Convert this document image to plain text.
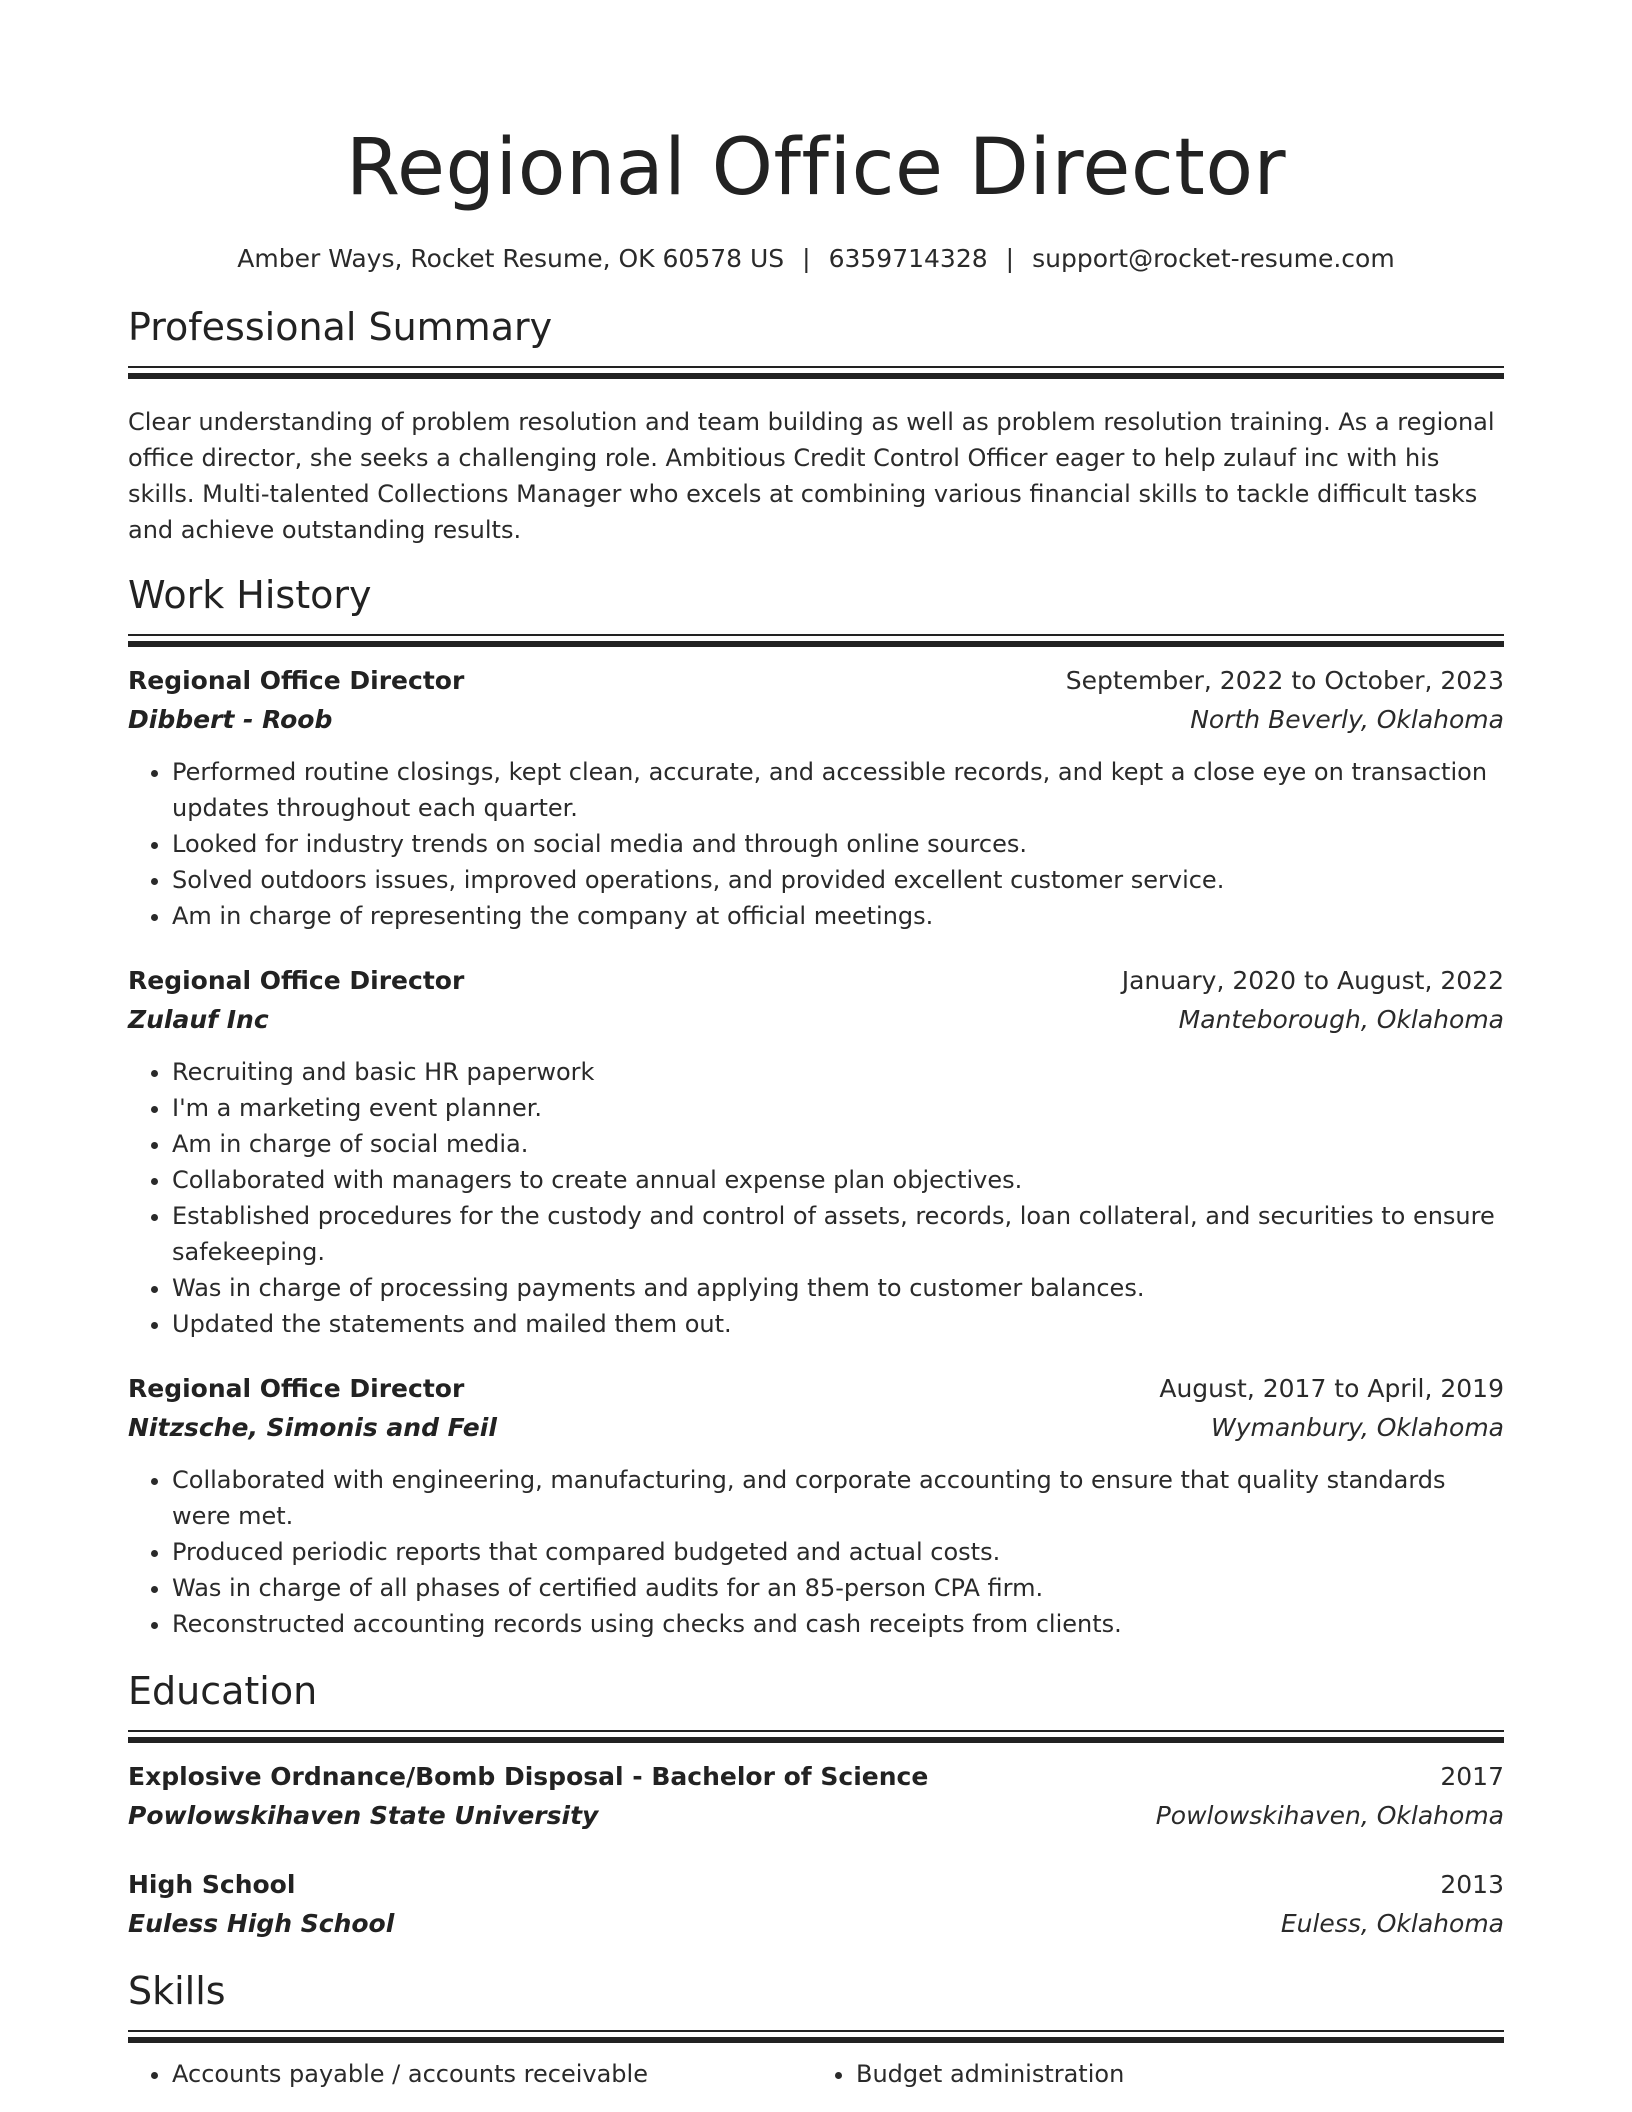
Regional Office Director
Amber Ways, Rocket Resume, OK 60578 US | 6359714328 | support@rocket-resume.com
Professional Summary
Clear understanding of problem resolution and team building as well as problem resolution training. As a regional office director, she seeks a challenging role. Ambitious Credit Control Officer eager to help zulauf inc with his skills. Multi-talented Collections Manager who excels at combining various financial skills to tackle difficult tasks and achieve outstanding results.
Work History
Regional Office Director	September, 2022 to October, 2023
Dibbert - Roob	North Beverly, Oklahoma
• Performed routine closings, kept clean, accurate, and accessible records, and kept a close eye on transaction updates throughout each quarter.
• Looked for industry trends on social media and through online sources.
• Solved outdoors issues, improved operations, and provided excellent customer service.
• Am in charge of representing the company at official meetings.
Regional Office Director	January, 2020 to August, 2022
Zulauf Inc	Manteborough, Oklahoma
• Recruiting and basic HR paperwork
• I'm a marketing event planner.
• Am in charge of social media.
• Collaborated with managers to create annual expense plan objectives.
• Established procedures for the custody and control of assets, records, loan collateral, and securities to ensure safekeeping.
• Was in charge of processing payments and applying them to customer balances.
• Updated the statements and mailed them out.
Regional Office Director	August, 2017 to April, 2019
Nitzsche, Simonis and Feil	Wymanbury, Oklahoma
• Collaborated with engineering, manufacturing, and corporate accounting to ensure that quality standards were met.
• Produced periodic reports that compared budgeted and actual costs.
• Was in charge of all phases of certified audits for an 85-person CPA firm.
• Reconstructed accounting records using checks and cash receipts from clients.
Education
Explosive Ordnance/Bomb Disposal - Bachelor of Science	2017
Powlowskihaven State University	Powlowskihaven, Oklahoma
High School	2013
Euless High School	Euless, Oklahoma
Skills
• Accounts payable / accounts receivable
•	Budget administration
